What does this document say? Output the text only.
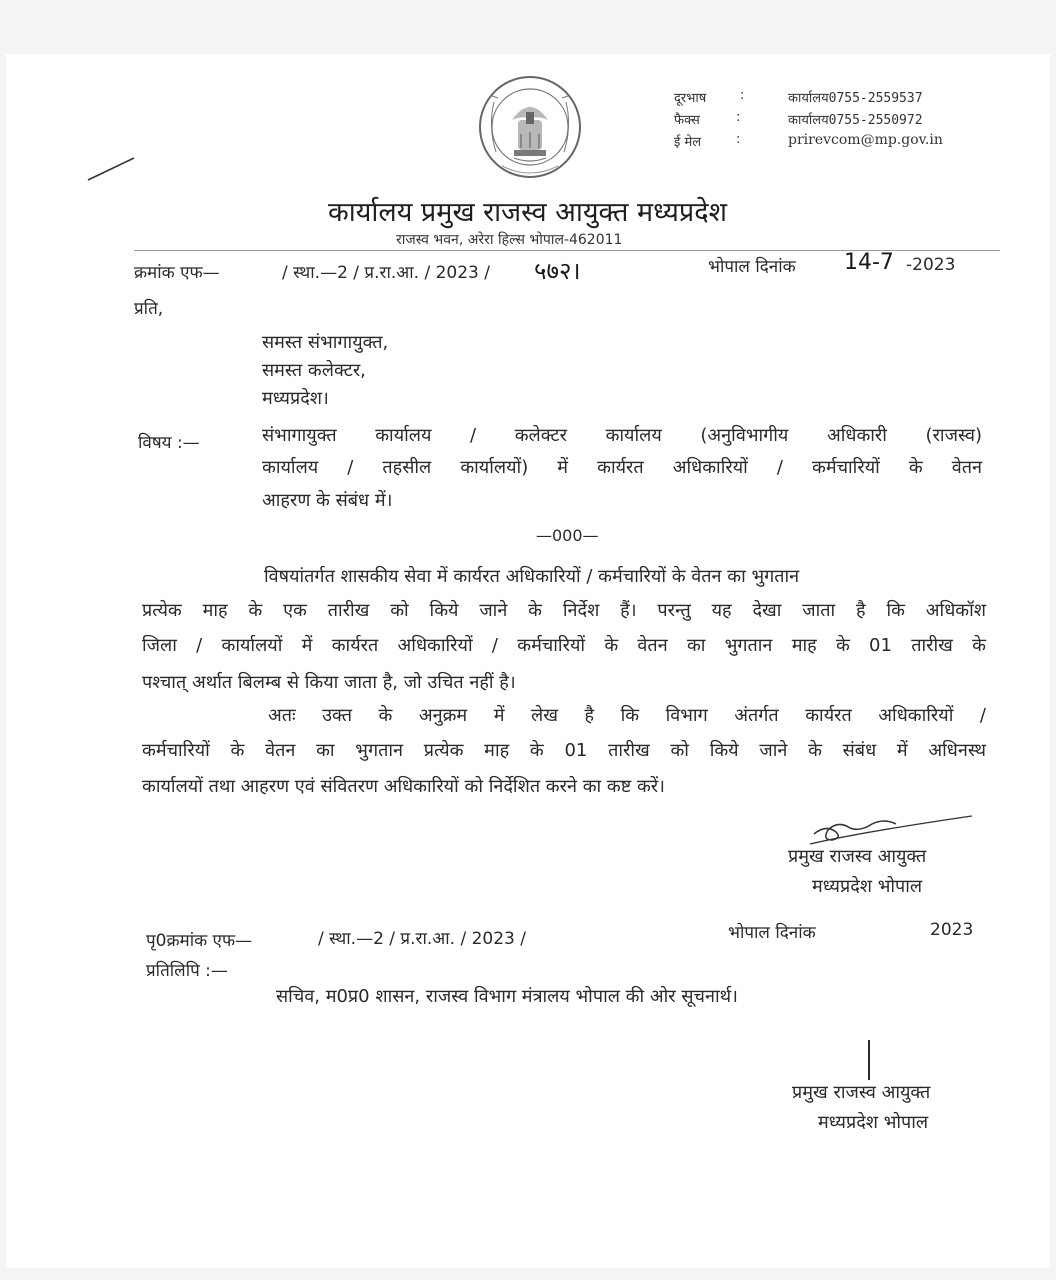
दूरभाष	:	कार्यालय0755-2559537
फैक्स	:	कार्यालय0755-2550972
ई मेल	:	prirevcom@mp.gov.in
कार्यालय प्रमुख राजस्व आयुक्त मध्यप्रदेश
राजस्व भवन, अरेरा हिल्स भोपाल-462011
क्रमांक एफ—	/ स्था.—2 / प्र.रा.आ. / 2023 / ५७२।	भोपाल दिनांक 14-7 -2023
प्रति,
समस्त संभागायुक्त,
समस्त कलेक्टर,
मध्यप्रदेश।
विषय :—	संभागायुक्त कार्यालय / कलेक्टर कार्यालय (अनुविभागीय अधिकारी (राजस्व)
कार्यालय / तहसील कार्यालयों) में कार्यरत अधिकारियों / कर्मचारियों के वेतन
आहरण के संबंध में।
—000—
विषयांतर्गत शासकीय सेवा में कार्यरत अधिकारियों / कर्मचारियों के वेतन का भुगतान
प्रत्येक माह के एक तारीख को किये जाने के निर्देश हैं। परन्तु यह देखा जाता है कि अधिकॉश
जिला / कार्यालयों में कार्यरत अधिकारियों / कर्मचारियों के वेतन का भुगतान माह के 01 तारीख के
पश्चात् अर्थात बिलम्ब से किया जाता है, जो उचित नहीं है।
अतः उक्त के अनुक्रम में लेख है कि विभाग अंतर्गत कार्यरत अधिकारियों /
कर्मचारियों के वेतन का भुगतान प्रत्येक माह के 01 तारीख को किये जाने के संबंध में अधिनस्थ
कार्यालयों तथा आहरण एवं संवितरण अधिकारियों को निर्देशित करने का कष्ट करें।
प्रमुख राजस्व आयुक्त
मध्यप्रदेश भोपाल
पृ0क्रमांक एफ—	/ स्था.—2 / प्र.रा.आ. / 2023 /	भोपाल दिनांक	2023
प्रतिलिपि :—
सचिव, म0प्र0 शासन, राजस्व विभाग मंत्रालय भोपाल की ओर सूचनार्थ।
प्रमुख राजस्व आयुक्त
मध्यप्रदेश भोपाल
